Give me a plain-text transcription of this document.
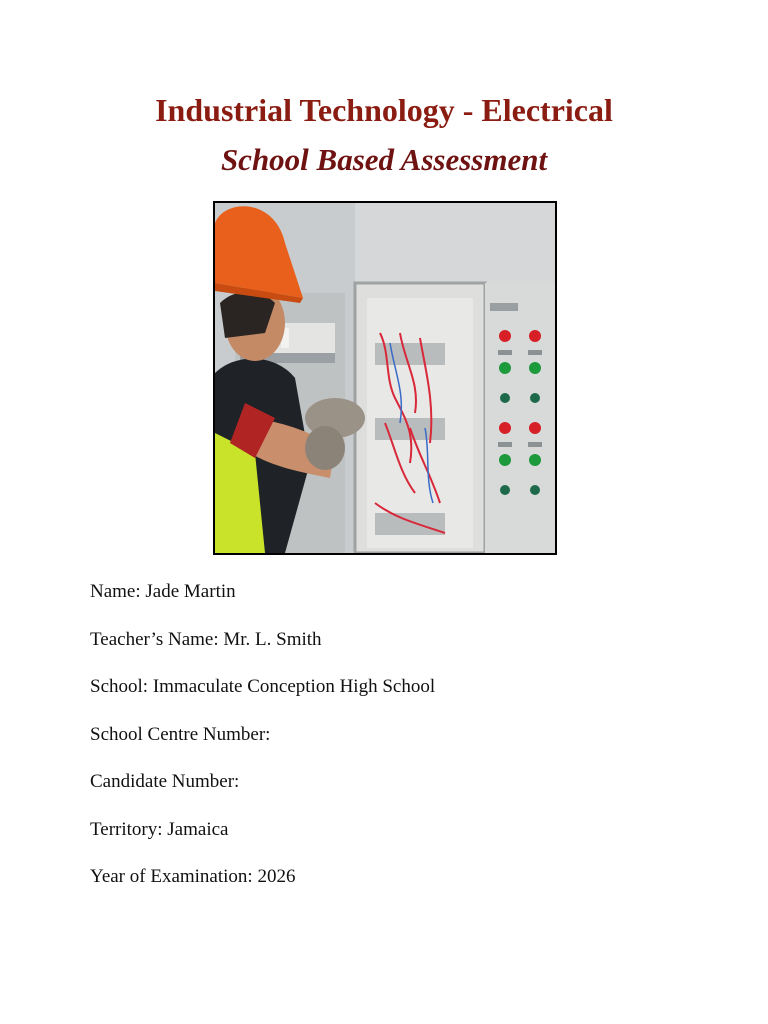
Industrial Technology - Electrical
School Based Assessment
Name: Jade Martin
Teacher’s Name: Mr. L. Smith
School: Immaculate Conception High School
School Centre Number:
Candidate Number:
Territory: Jamaica
Year of Examination: 2026
